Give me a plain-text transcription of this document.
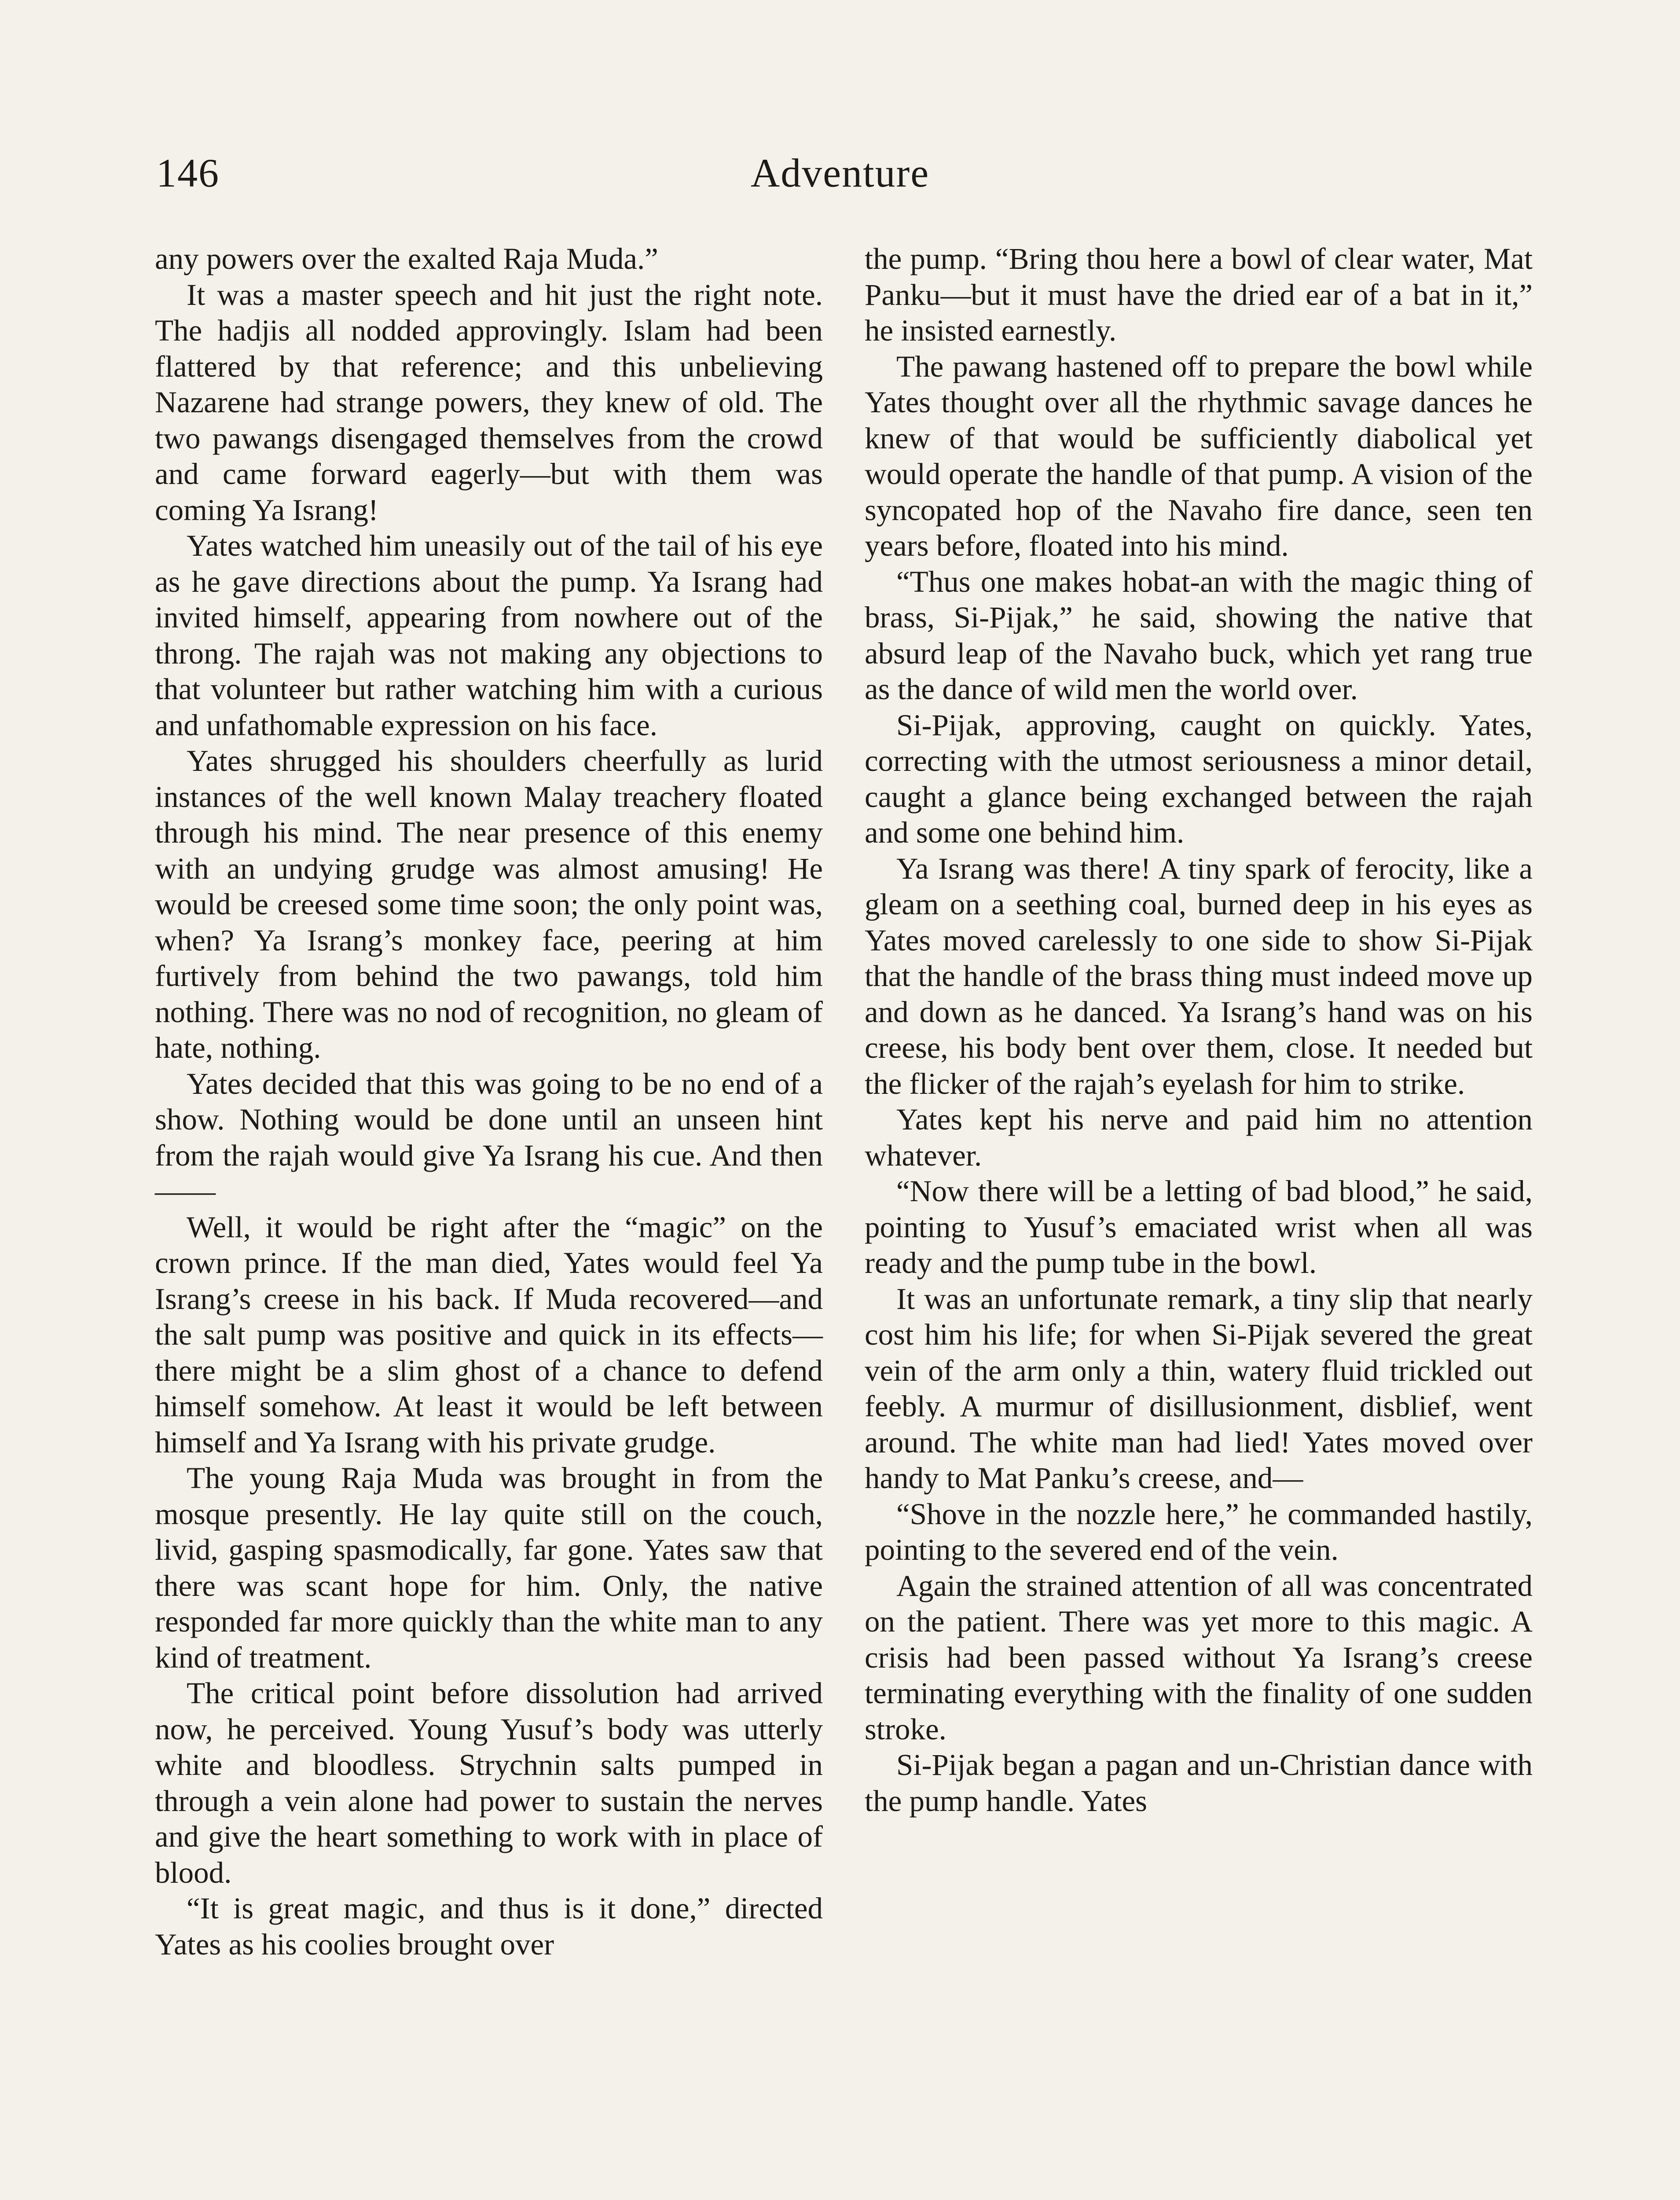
146	Adventure

any powers over the exalted Raja Muda.”

It was a master speech and hit just the right note. The hadjis all nodded approvingly. Islam had been flattered by that reference; and this unbelieving Nazarene had strange powers, they knew of old. The two pawangs disengaged themselves from the crowd and came forward eagerly—but with them was coming Ya Israng!

Yates watched him uneasily out of the tail of his eye as he gave directions about the pump. Ya Israng had invited himself, appearing from nowhere out of the throng. The rajah was not making any objections to that volunteer but rather watching him with a curious and unfathomable expression on his face.

Yates shrugged his shoulders cheerfully as lurid instances of the well known Malay treachery floated through his mind. The near presence of this enemy with an undying grudge was almost amusing! He would be creesed some time soon; the only point was, when? Ya Israng’s monkey face, peering at him furtively from behind the two pawangs, told him nothing. There was no nod of recognition, no gleam of hate, nothing.

Yates decided that this was going to be no end of a show. Nothing would be done until an unseen hint from the rajah would give Ya Israng his cue. And then——

Well, it would be right after the “magic” on the crown prince. If the man died, Yates would feel Ya Israng’s creese in his back. If Muda recovered—and the salt pump was positive and quick in its effects—there might be a slim ghost of a chance to defend himself somehow. At least it would be left between himself and Ya Israng with his private grudge.

The young Raja Muda was brought in from the mosque presently. He lay quite still on the couch, livid, gasping spasmodically, far gone. Yates saw that there was scant hope for him. Only, the native responded far more quickly than the white man to any kind of treatment.

The critical point before dissolution had arrived now, he perceived. Young Yusuf’s body was utterly white and bloodless. Strychnin salts pumped in through a vein alone had power to sustain the nerves and give the heart something to work with in place of blood.

“It is great magic, and thus is it done,” directed Yates as his coolies brought over

the pump. “Bring thou here a bowl of clear water, Mat Panku—but it must have the dried ear of a bat in it,” he insisted earnestly.

The pawang hastened off to prepare the bowl while Yates thought over all the rhythmic savage dances he knew of that would be sufficiently diabolical yet would operate the handle of that pump. A vision of the syncopated hop of the Navaho fire dance, seen ten years before, floated into his mind.

“Thus one makes hobat-an with the magic thing of brass, Si-Pijak,” he said, showing the native that absurd leap of the Navaho buck, which yet rang true as the dance of wild men the world over.

Si-Pijak, approving, caught on quickly. Yates, correcting with the utmost seriousness a minor detail, caught a glance being exchanged between the rajah and some one behind him.

Ya Israng was there! A tiny spark of ferocity, like a gleam on a seething coal, burned deep in his eyes as Yates moved carelessly to one side to show Si-Pijak that the handle of the brass thing must indeed move up and down as he danced. Ya Israng’s hand was on his creese, his body bent over them, close. It needed but the flicker of the rajah’s eyelash for him to strike.

Yates kept his nerve and paid him no attention whatever.

“Now there will be a letting of bad blood,” he said, pointing to Yusuf’s emaciated wrist when all was ready and the pump tube in the bowl.

It was an unfortunate remark, a tiny slip that nearly cost him his life; for when Si-Pijak severed the great vein of the arm only a thin, watery fluid trickled out feebly. A murmur of disillusionment, disblief, went around. The white man had lied! Yates moved over handy to Mat Panku’s creese, and—

“Shove in the nozzle here,” he commanded hastily, pointing to the severed end of the vein.

Again the strained attention of all was concentrated on the patient. There was yet more to this magic. A crisis had been passed without Ya Israng’s creese terminating everything with the finality of one sudden stroke.

Si-Pijak began a pagan and un-Christian dance with the pump handle. Yates
